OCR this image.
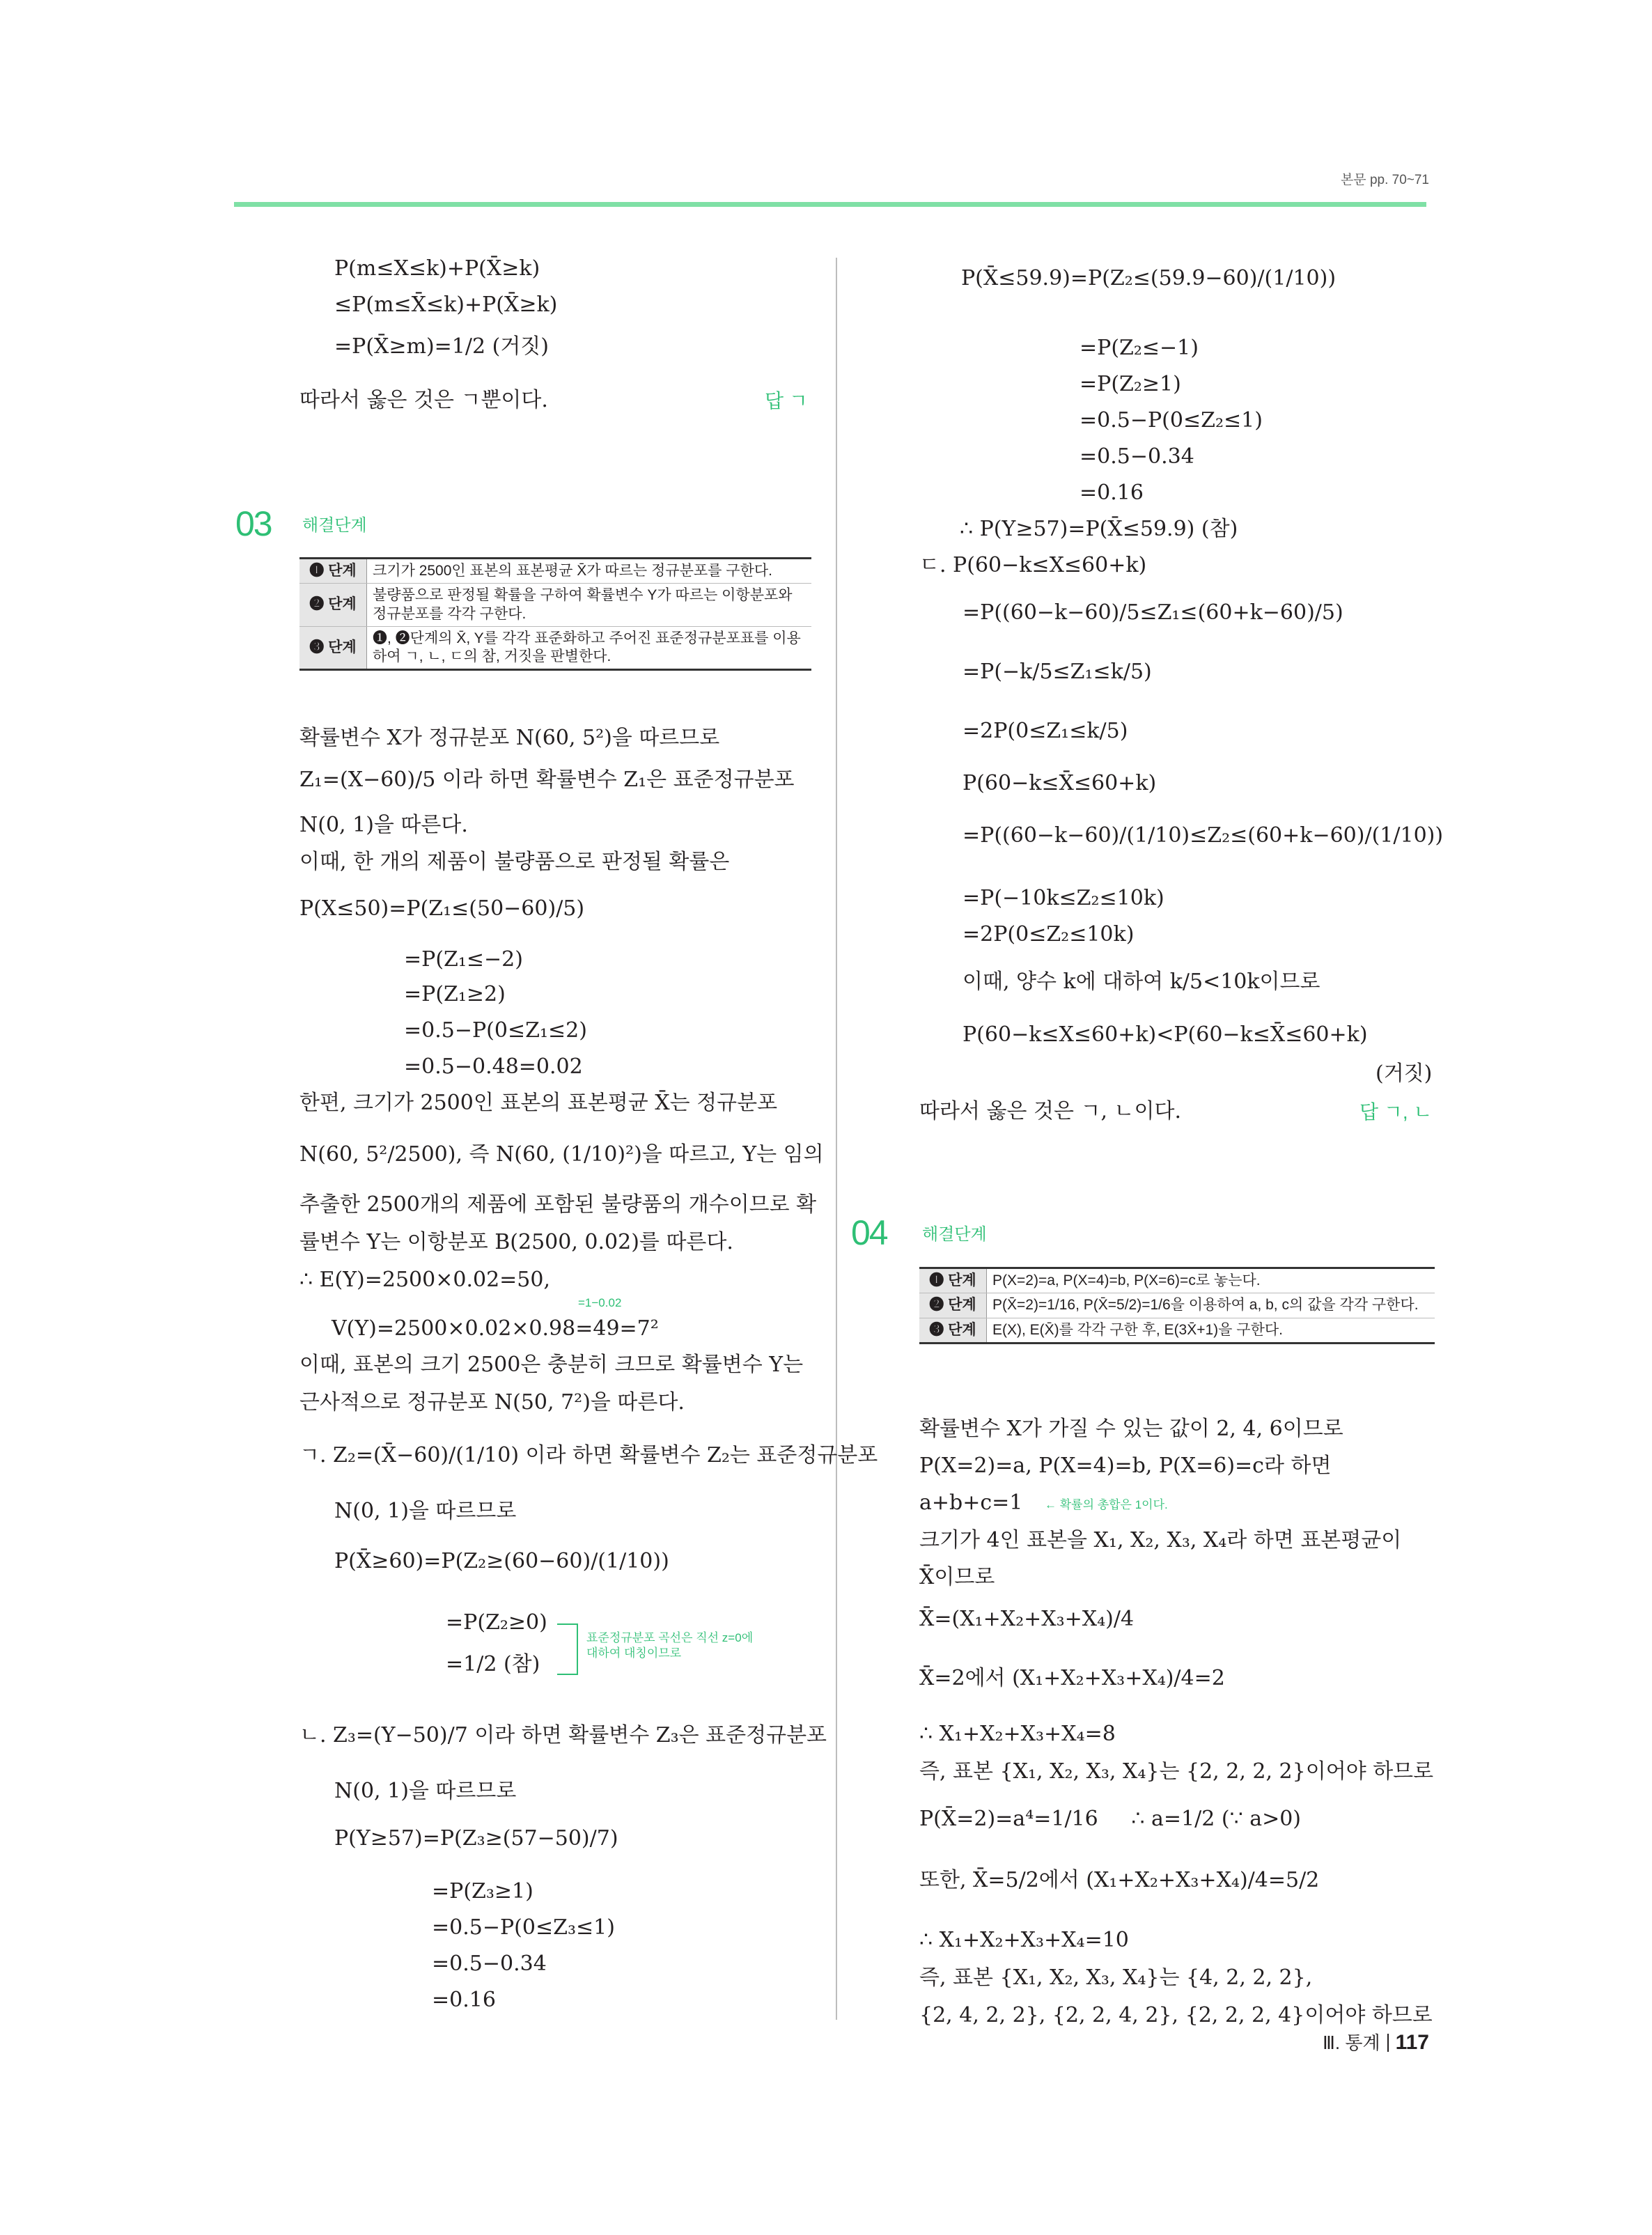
본문 pp. 70~71
P(m≤X≤k)+P(X̄≥k)
≤P(m≤X̄≤k)+P(X̄≥k)
=P(X̄≥m)=1/2 (거짓)
따라서 옳은 것은 ㄱ뿐이다.	답 ㄱ
03 해결단계
❶ 단계	크기가 2500인 표본의 표본평균 X̄가 따르는 정규분포를 구한다.
❷ 단계	불량품으로 판정될 확률을 구하여 확률변수 Y가 따르는 이항분포와 정규분포를 각각 구한다.
❸ 단계	❶, ❷단계의 X̄, Y를 각각 표준화하고 주어진 표준정규분포표를 이용하여 ㄱ, ㄴ, ㄷ의 참, 거짓을 판별한다.
확률변수 X가 정규분포 N(60, 5²)을 따르므로
Z₁=(X−60)/5 이라 하면 확률변수 Z₁은 표준정규분포
N(0, 1)을 따른다.
이때, 한 개의 제품이 불량품으로 판정될 확률은
P(X≤50)=P(Z₁≤(50−60)/5)
=P(Z₁≤−2)
=P(Z₁≥2)
=0.5−P(0≤Z₁≤2)
=0.5−0.48=0.02
한편, 크기가 2500인 표본의 표본평균 X̄는 정규분포
N(60, 5²/2500), 즉 N(60, (1/10)²)을 따르고, Y는 임의
추출한 2500개의 제품에 포함된 불량품의 개수이므로 확
률변수 Y는 이항분포 B(2500, 0.02)를 따른다.
∴ E(Y)=2500×0.02=50,
=1−0.02
V(Y)=2500×0.02×0.98=49=7²
이때, 표본의 크기 2500은 충분히 크므로 확률변수 Y는
근사적으로 정규분포 N(50, 7²)을 따른다.
ㄱ. Z₂=(X̄−60)/(1/10) 이라 하면 확률변수 Z₂는 표준정규분포
N(0, 1)을 따르므로
P(X̄≥60)=P(Z₂≥(60−60)/(1/10))
=P(Z₂≥0)
=1/2 (참)
표준정규분포 곡선은 직선 z=0에
대하여 대칭이므로
ㄴ. Z₃=(Y−50)/7 이라 하면 확률변수 Z₃은 표준정규분포
N(0, 1)을 따르므로
P(Y≥57)=P(Z₃≥(57−50)/7)
=P(Z₃≥1)
=0.5−P(0≤Z₃≤1)
=0.5−0.34
=0.16
P(X̄≤59.9)=P(Z₂≤(59.9−60)/(1/10))
=P(Z₂≤−1)
=P(Z₂≥1)
=0.5−P(0≤Z₂≤1)
=0.5−0.34
=0.16
∴ P(Y≥57)=P(X̄≤59.9) (참)
ㄷ. P(60−k≤X≤60+k)
=P((60−k−60)/5≤Z₁≤(60+k−60)/5)
=P(−k/5≤Z₁≤k/5)
=2P(0≤Z₁≤k/5)
P(60−k≤X̄≤60+k)
=P((60−k−60)/(1/10)≤Z₂≤(60+k−60)/(1/10))
=P(−10k≤Z₂≤10k)
=2P(0≤Z₂≤10k)
이때, 양수 k에 대하여 k/5<10k이므로
P(60−k≤X≤60+k)<P(60−k≤X̄≤60+k)
(거짓)
따라서 옳은 것은 ㄱ, ㄴ이다.	답 ㄱ, ㄴ
04 해결단계
❶ 단계	P(X=2)=a, P(X=4)=b, P(X=6)=c로 놓는다.
❷ 단계	P(X̄=2)=1/16, P(X̄=5/2)=1/6을 이용하여 a, b, c의 값을 각각 구한다.
❸ 단계	E(X), E(X̄)를 각각 구한 후, E(3X̄+1)을 구한다.
확률변수 X가 가질 수 있는 값이 2, 4, 6이므로
P(X=2)=a, P(X=4)=b, P(X=6)=c라 하면
a+b+c=1 ← 확률의 총합은 1이다.
크기가 4인 표본을 X₁, X₂, X₃, X₄라 하면 표본평균이
X̄이므로
X̄=(X₁+X₂+X₃+X₄)/4
X̄=2에서 (X₁+X₂+X₃+X₄)/4=2
∴ X₁+X₂+X₃+X₄=8
즉, 표본 {X₁, X₂, X₃, X₄}는 {2, 2, 2, 2}이어야 하므로
P(X̄=2)=a⁴=1/16     ∴ a=1/2 (∵ a>0)
또한, X̄=5/2에서 (X₁+X₂+X₃+X₄)/4=5/2
∴ X₁+X₂+X₃+X₄=10
즉, 표본 {X₁, X₂, X₃, X₄}는 {4, 2, 2, 2},
{2, 4, 2, 2}, {2, 2, 4, 2}, {2, 2, 2, 4}이어야 하므로
Ⅲ. 통계 117
